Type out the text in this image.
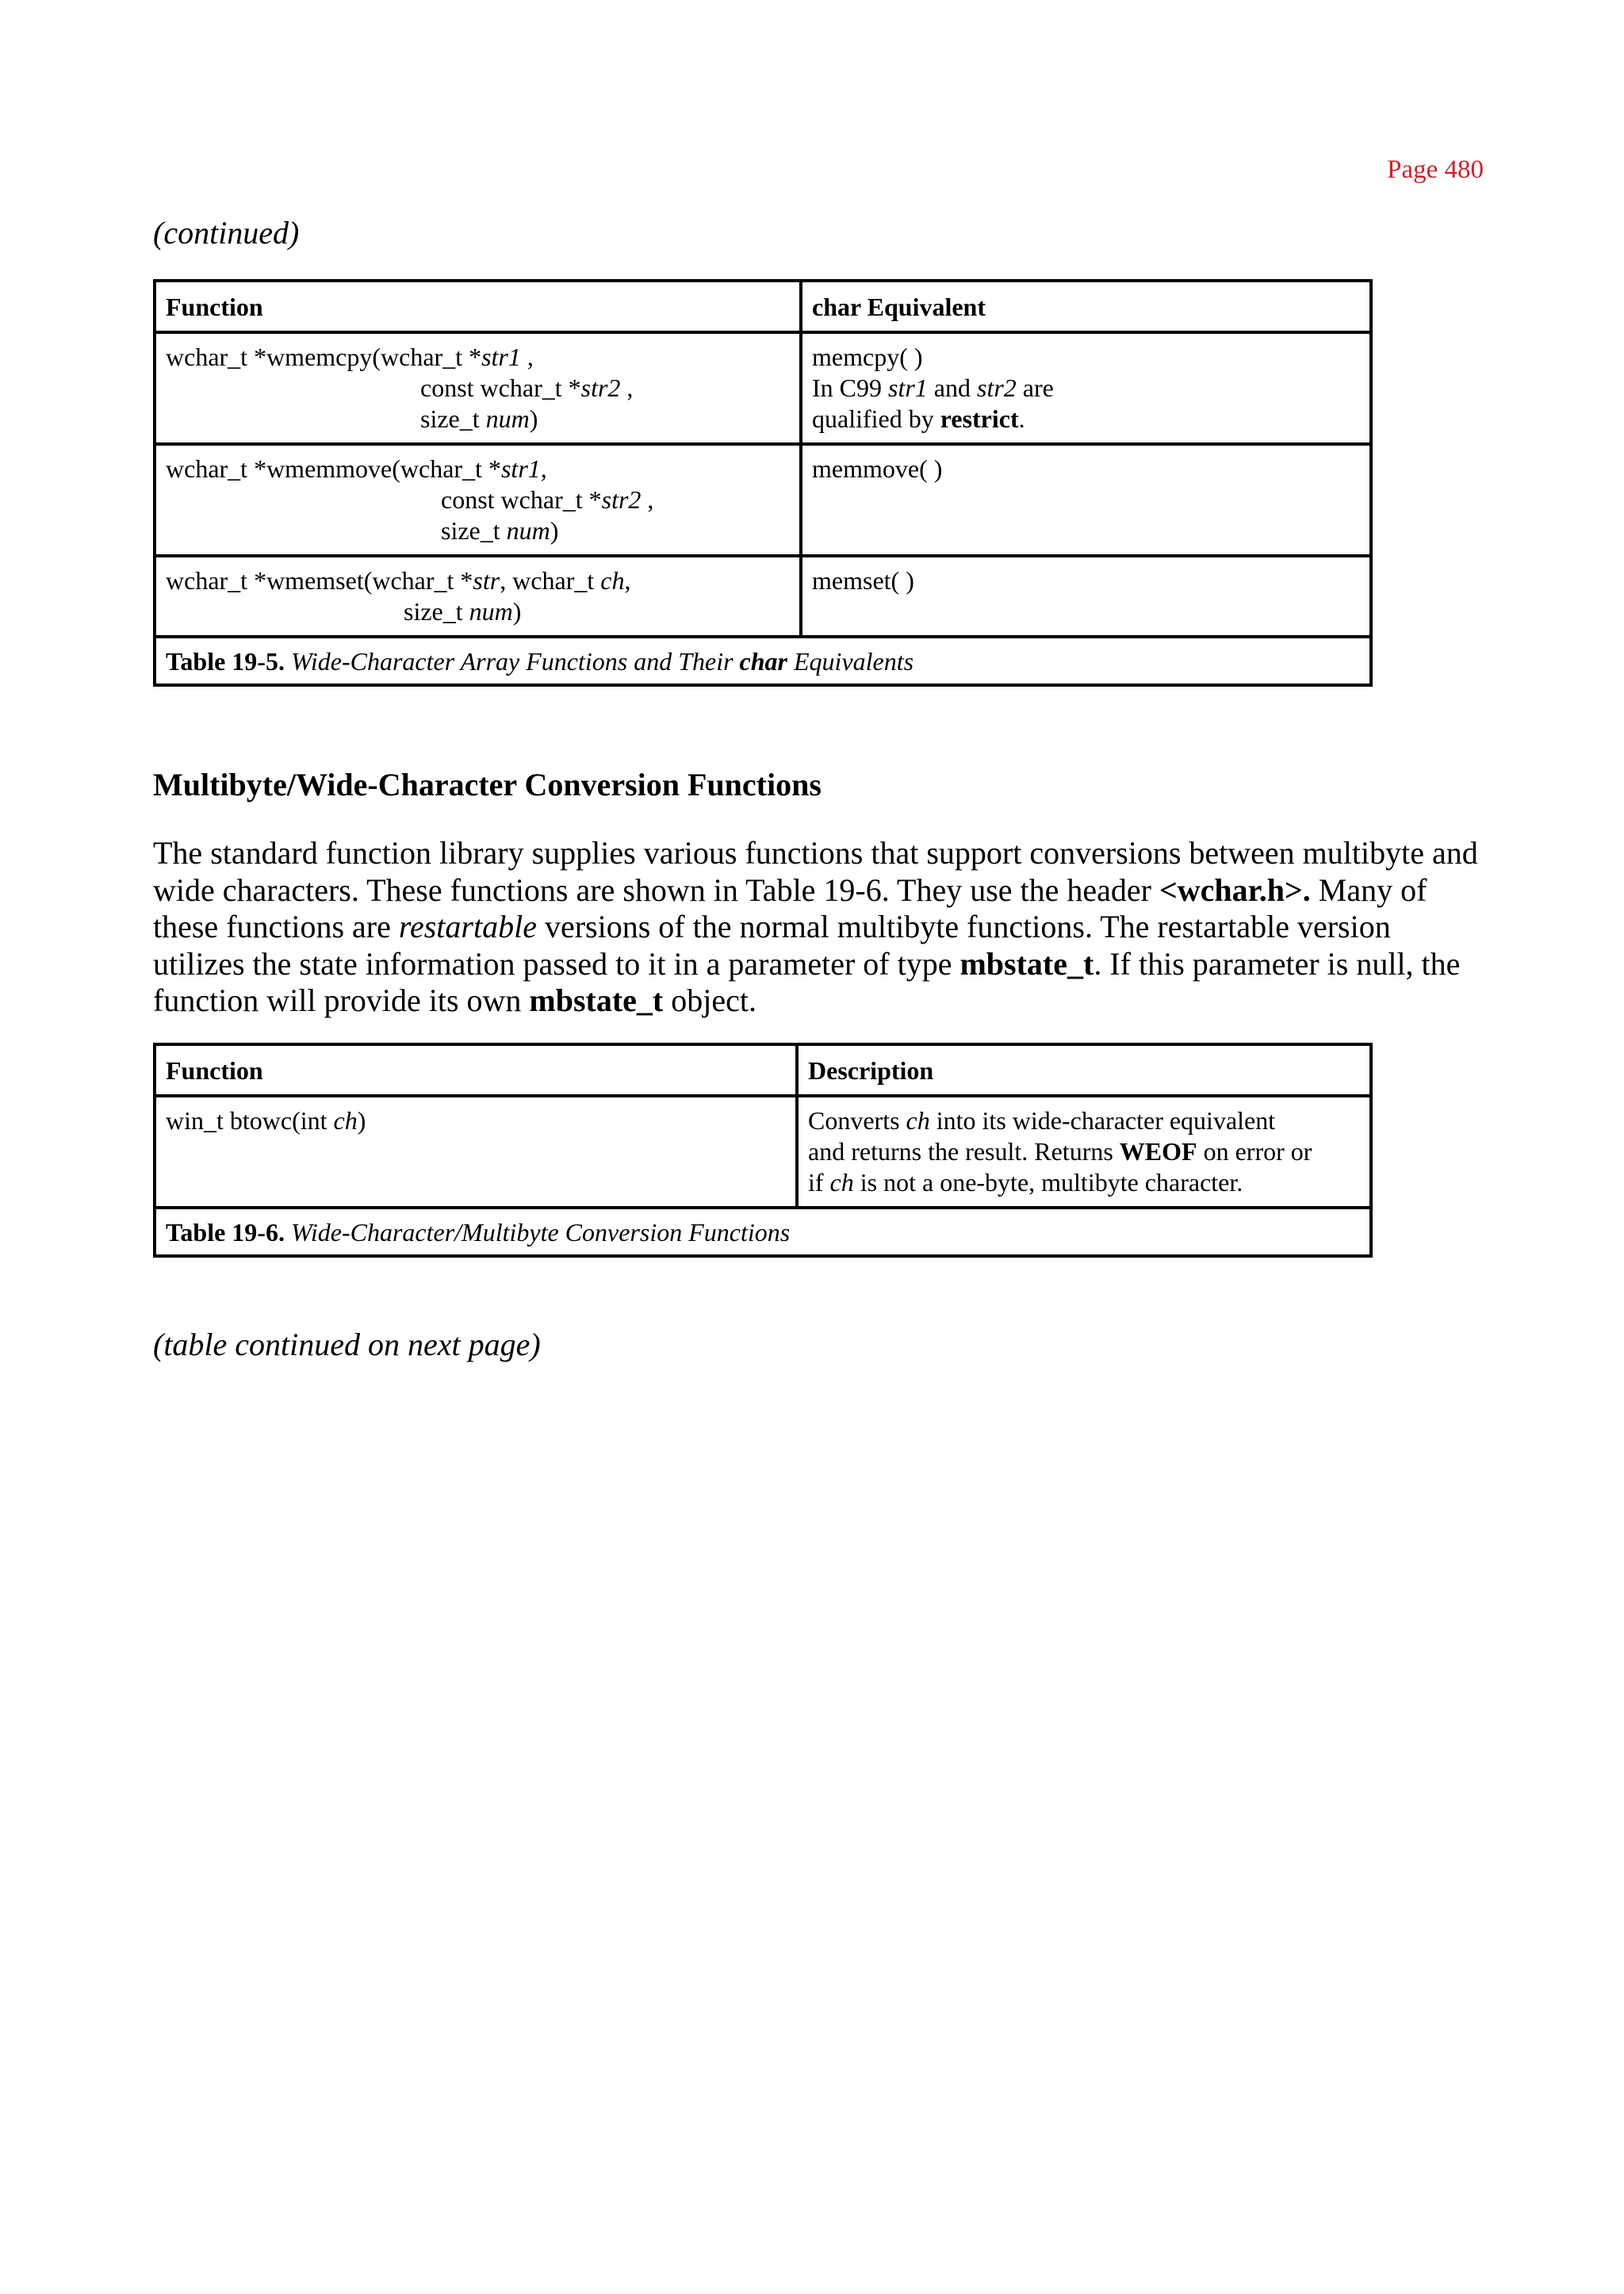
Page 480
(continued)
Function	char Equivalent

wchar_t *wmemcpy(wchar_t *str1 ,
const wchar_t *str2 ,
size_t num)	memcpy( )
In C99 str1 and str2 are
qualified by restrict.

wchar_t *wmemmove(wchar_t *str1,
const wchar_t *str2 ,
size_t num)	memmove( )

wchar_t *wmemset(wchar_t *str, wchar_t ch,
size_t num)	memset( )

Table 19-5. Wide-Character Array Functions and Their char Equivalents	
Multibyte/Wide-Character Conversion Functions
The standard function library supplies various functions that support conversions between multibyte and wide characters. These functions are shown in Table 19-6. They use the header <wchar.h>. Many of these functions are restartable versions of the normal multibyte functions. The restartable version utilizes the state information passed to it in a parameter of type mbstate_t. If this parameter is null, the function will provide its own mbstate_t object.
Function	Description

win_t btowc(int ch)	Converts ch into its wide-character equivalent
and returns the result. Returns WEOF on error or
if ch is not a one-byte, multibyte character.

Table 19-6. Wide-Character/Multibyte Conversion Functions	
(table continued on next page)
